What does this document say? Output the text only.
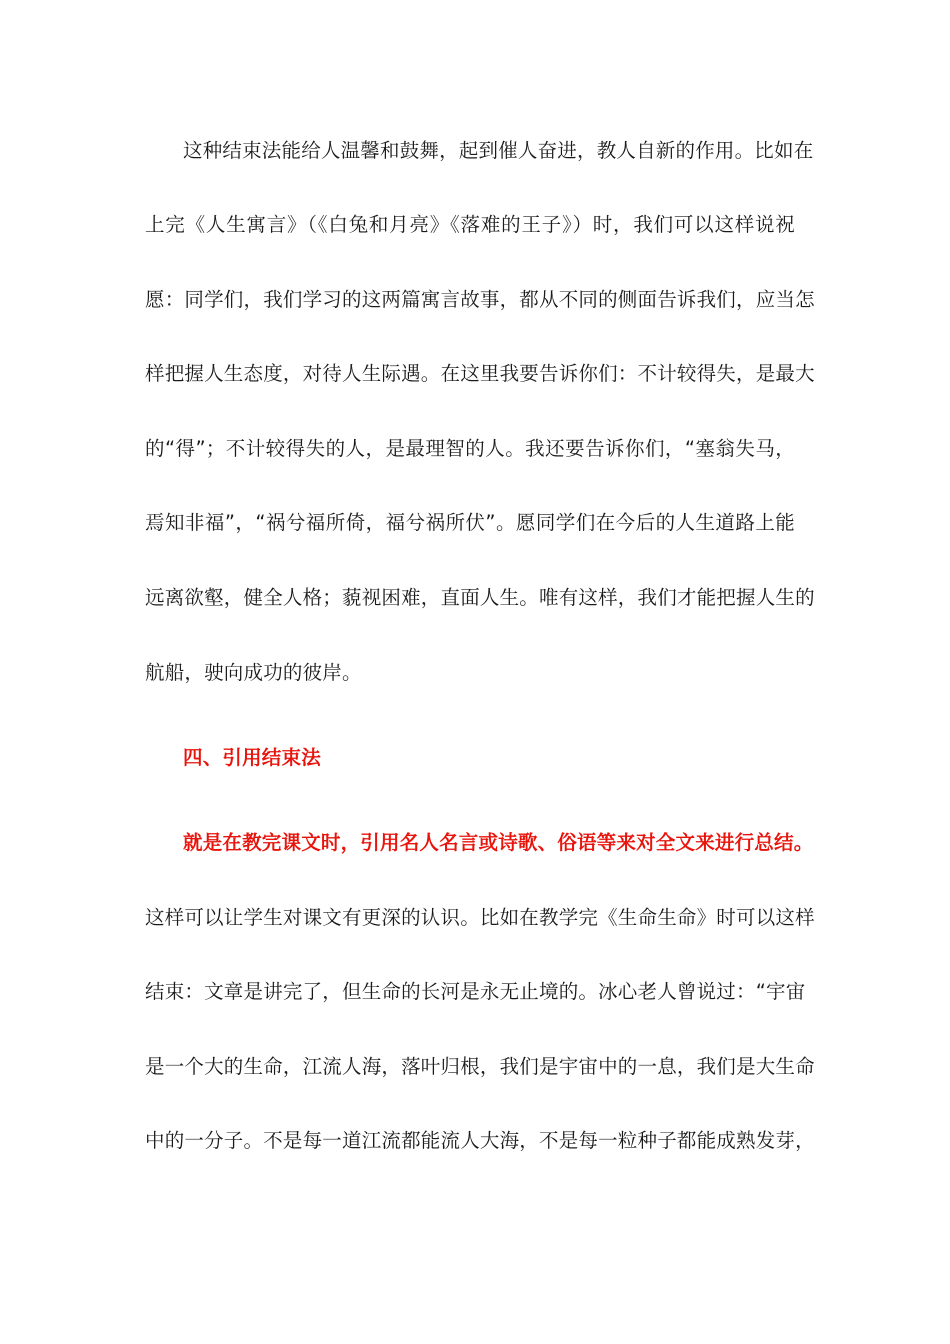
这种结束法能给人温馨和鼓舞，起到催人奋进，教人自新的作用。比如在
上完《人生寓言》（《白兔和月亮》《落难的王子》）时，我们可以这样说祝
愿：同学们，我们学习的这两篇寓言故事，都从不同的侧面告诉我们，应当怎
样把握人生态度，对待人生际遇。在这里我要告诉你们：不计较得失，是最大
的“得”；不计较得失的人，是最理智的人。我还要告诉你们，“塞翁失马，
焉知非福”，“祸兮福所倚，福兮祸所伏”。愿同学们在今后的人生道路上能
远离欲壑，健全人格；藐视困难，直面人生。唯有这样，我们才能把握人生的
航船，驶向成功的彼岸。
四、引用结束法
就是在教完课文时，引用名人名言或诗歌、俗语等来对全文来进行总结。
这样可以让学生对课文有更深的认识。比如在教学完《生命生命》时可以这样
结束：文章是讲完了，但生命的长河是永无止境的。冰心老人曾说过：“宇宙
是一个大的生命，江流人海，落叶归根，我们是宇宙中的一息，我们是大生命
中的一分子。不是每一道江流都能流人大海，不是每一粒种子都能成熟发芽，
